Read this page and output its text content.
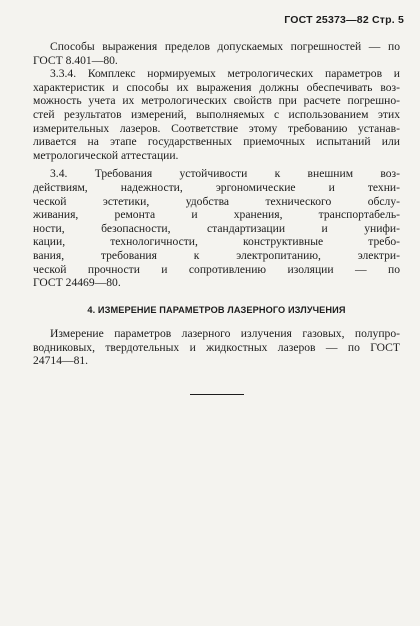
ГОСТ 25373—82 Стр. 5
Способы выражения пределов допускаемых погрешностей — по
ГОСТ 8.401—80.
3.3.4. Комплекс нормируемых метрологических параметров и
характеристик и способы их выражения должны обеспечивать воз-
можность учета их метрологических свойств при расчете погрешно-
стей результатов измерений, выполняемых с использованием этих
измерительных лазеров. Соответствие этому требованию устанав-
ливается на этапе государственных приемочных испытаний или
метрологической аттестации.
3.4. Требования устойчивости к внешним воз-
действиям, надежности, эргономические и техни-
ческой эстетики, удобства технического обслу-
живания, ремонта и хранения, транспортабель-
ности, безопасности, стандартизации и унифи-
кации, технологичности, конструктивные требо-
вания, требования к электропитанию, электри-
ческой прочности и сопротивлению изоляции — по
ГОСТ 24469—80.
4. ИЗМЕРЕНИЕ ПАРАМЕТРОВ ЛАЗЕРНОГО ИЗЛУЧЕНИЯ
Измерение параметров лазерного излучения газовых, полупро-
водниковых, твердотельных и жидкостных лазеров — по ГОСТ
24714—81.
